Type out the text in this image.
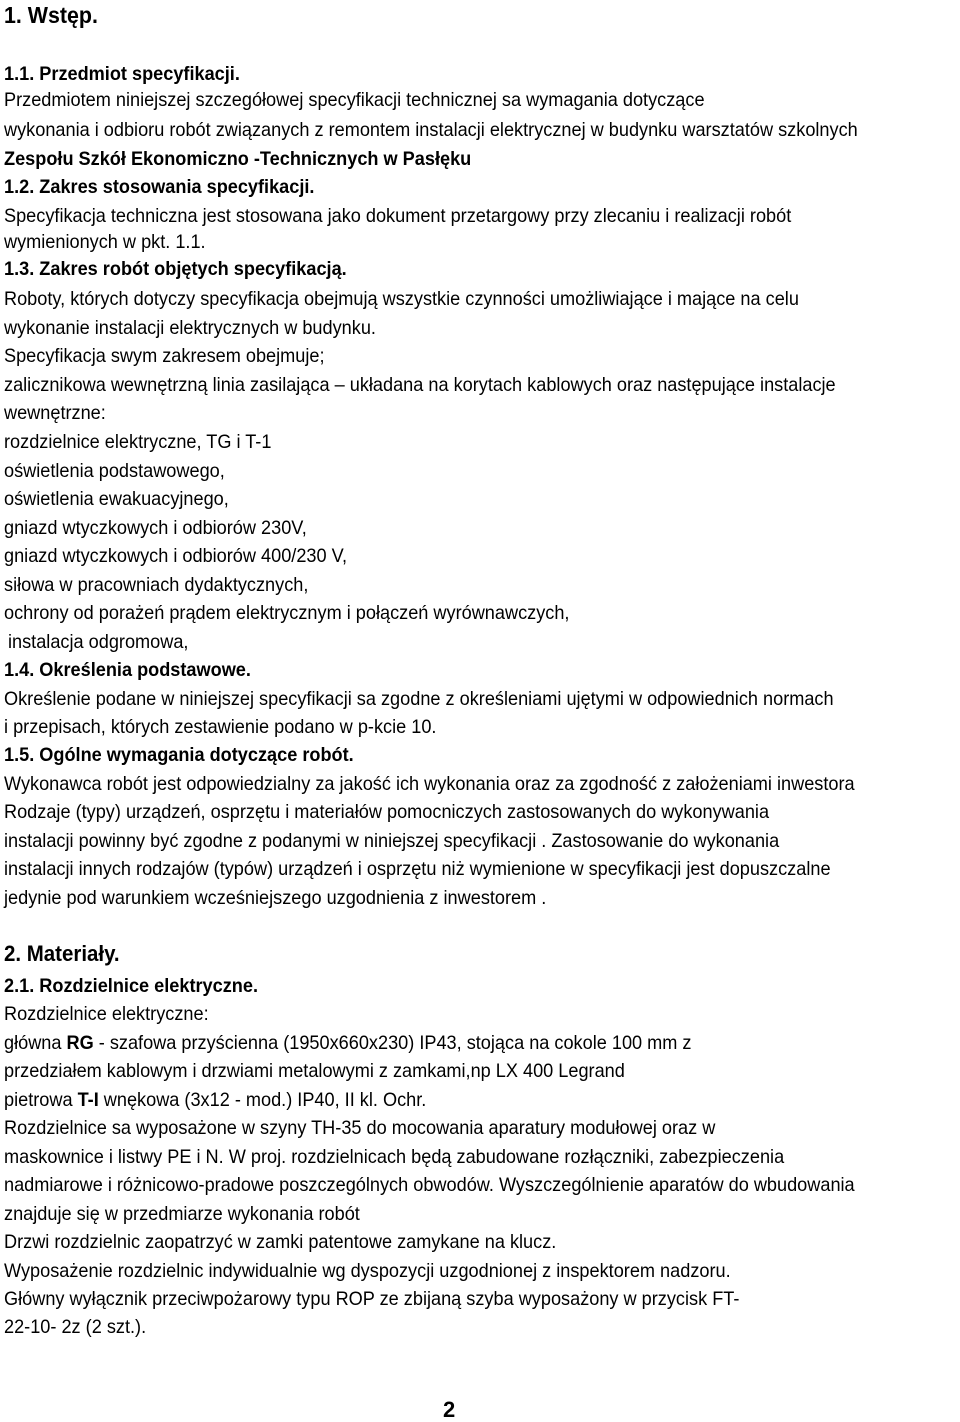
1. Wstęp.
1.1. Przedmiot specyfikacji.
Przedmiotem niniejszej szczegółowej specyfikacji technicznej sa wymagania dotyczące
wykonania i odbioru robót związanych z remontem instalacji elektrycznej w budynku warsztatów szkolnych
Zespołu Szkół Ekonomiczno -Technicznych w Pasłęku
1.2. Zakres stosowania specyfikacji.
Specyfikacja techniczna jest stosowana jako dokument przetargowy przy zlecaniu i realizacji robót
wymienionych w pkt. 1.1.
1.3. Zakres robót objętych specyfikacją.
Roboty, których dotyczy specyfikacja obejmują wszystkie czynności umożliwiające i mające na celu
wykonanie instalacji elektrycznych w budynku.
Specyfikacja swym zakresem obejmuje;
zalicznikowa wewnętrzną linia zasilająca – układana na korytach kablowych oraz następujące instalacje
wewnętrzne:
rozdzielnice elektryczne, TG i T-1
oświetlenia podstawowego,
oświetlenia ewakuacyjnego,
gniazd wtyczkowych i odbiorów 230V,
gniazd wtyczkowych i odbiorów 400/230 V,
siłowa w pracowniach dydaktycznych,
ochrony od porażeń prądem elektrycznym i połączeń wyrównawczych,
instalacja odgromowa,
1.4. Określenia podstawowe.
Określenie podane w niniejszej specyfikacji sa zgodne z określeniami ujętymi w odpowiednich normach
i przepisach, których zestawienie podano w p-kcie 10.
1.5. Ogólne wymagania dotyczące robót.
Wykonawca robót jest odpowiedzialny za jakość ich wykonania oraz za zgodność z założeniami inwestora
Rodzaje (typy) urządzeń, osprzętu i materiałów pomocniczych zastosowanych do wykonywania
instalacji powinny być zgodne z podanymi w niniejszej specyfikacji . Zastosowanie do wykonania
instalacji innych rodzajów (typów) urządzeń i osprzętu niż wymienione w specyfikacji jest dopuszczalne
jedynie pod warunkiem wcześniejszego uzgodnienia z inwestorem .
2. Materiały.
2.1. Rozdzielnice elektryczne.
Rozdzielnice elektryczne:
główna RG - szafowa przyścienna (1950x660x230) IP43, stojąca na cokole 100 mm z
przedziałem kablowym i drzwiami metalowymi z zamkami,np LX 400 Legrand
pietrowa T-I wnękowa (3x12 - mod.) IP40, II kl. Ochr.
Rozdzielnice sa wyposażone w szyny TH-35 do mocowania aparatury modułowej oraz w
maskownice i listwy PE i N. W proj. rozdzielnicach będą zabudowane rozłączniki, zabezpieczenia
nadmiarowe i różnicowo-pradowe poszczególnych obwodów. Wyszczególnienie aparatów do wbudowania
znajduje się w przedmiarze wykonania robót
Drzwi rozdzielnic zaopatrzyć w zamki patentowe zamykane na klucz.
Wyposażenie rozdzielnic indywidualnie wg dyspozycji uzgodnionej z inspektorem nadzoru.
Główny wyłącznik przeciwpożarowy typu ROP ze zbijaną szyba wyposażony w przycisk FT-
22-10- 2z (2 szt.).
2
